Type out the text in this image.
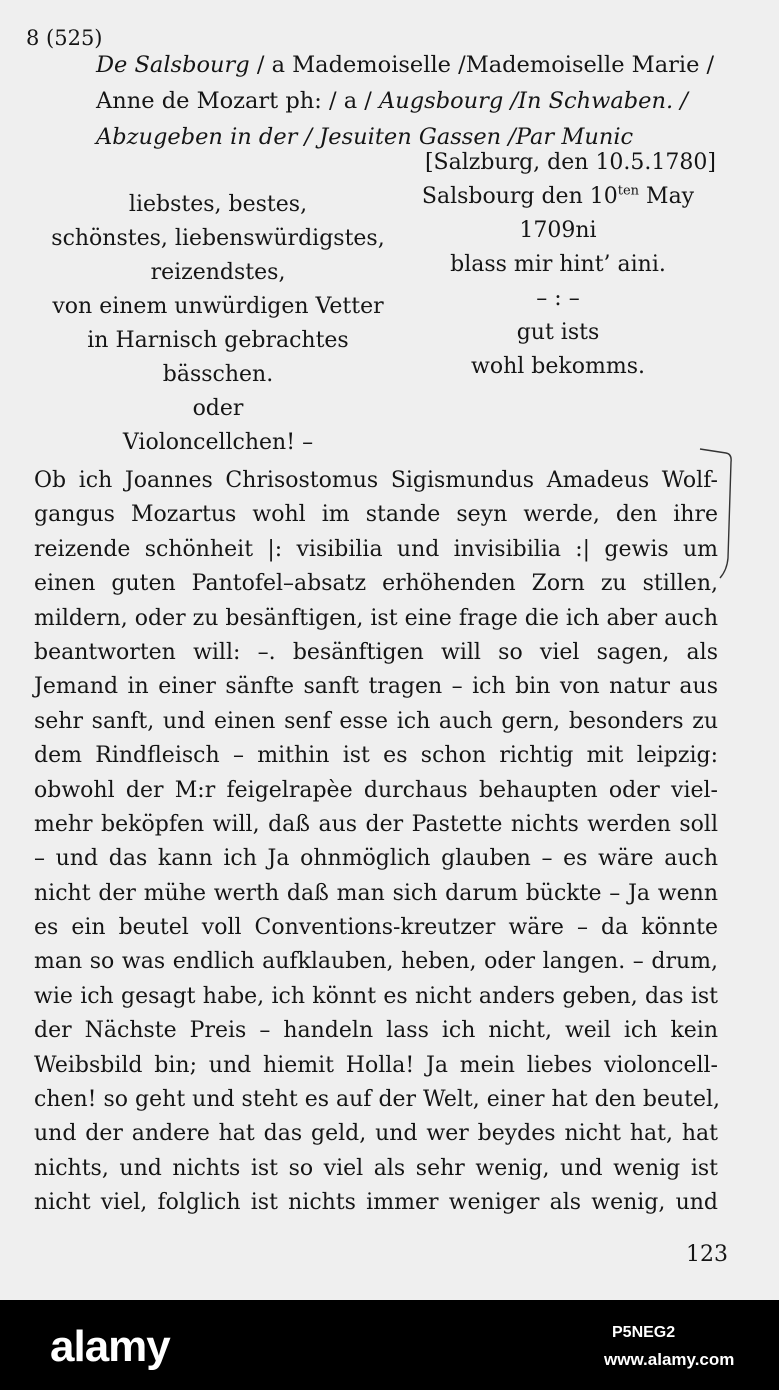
8 (525)
De Salsbourg / a Mademoiselle /Mademoiselle Marie /
Anne de Mozart ph: / a / Augsbourg /In Schwaben. /
Abzugeben in der / Jesuiten Gassen /Par Munic
[Salzburg, den 10.5.1780]
Salsbourg den $10^{ten}$ May
1709ni
blass mir hint’ aini.
– : –
gut ists
wohl bekomms.
liebstes, bestes,
schönstes, liebenswürdigstes,
reizendstes,
von einem unwürdigen Vetter
in Harnisch gebrachtes
bässchen.
oder
Violoncellchen! –
Ob ich Joannes Chrisostomus Sigismundus Amadeus Wolf-
gangus Mozartus wohl im stande seyn werde, den ihre
reizende schönheit |: visibilia und invisibilia :| gewis um
einen guten Pantofel–absatz erhöhenden Zorn zu stillen,
mildern, oder zu besänftigen, ist eine frage die ich aber auch
beantworten will: –. besänftigen will so viel sagen, als
Jemand in einer sänfte sanft tragen – ich bin von natur aus
sehr sanft, und einen senf esse ich auch gern, besonders zu
dem Rindfleisch – mithin ist es schon richtig mit leipzig:
obwohl der M:r feigelrapèe durchaus behaupten oder viel-
mehr beköpfen will, daß aus der Pastette nichts werden soll
– und das kann ich Ja ohnmöglich glauben – es wäre auch
nicht der mühe werth daß man sich darum bückte – Ja wenn
es ein beutel voll Conventions-kreutzer wäre – da könnte
man so was endlich aufklauben, heben, oder langen. – drum,
wie ich gesagt habe, ich könnt es nicht anders geben, das ist
der Nächste Preis – handeln lass ich nicht, weil ich kein
Weibsbild bin; und hiemit Holla! Ja mein liebes violoncell-
chen! so geht und steht es auf der Welt, einer hat den beutel,
und der andere hat das geld, und wer beydes nicht hat, hat
nichts, und nichts ist so viel als sehr wenig, und wenig ist
nicht viel, folglich ist nichts immer weniger als wenig, und
123
alamy	P5NEG2
www.alamy.com
